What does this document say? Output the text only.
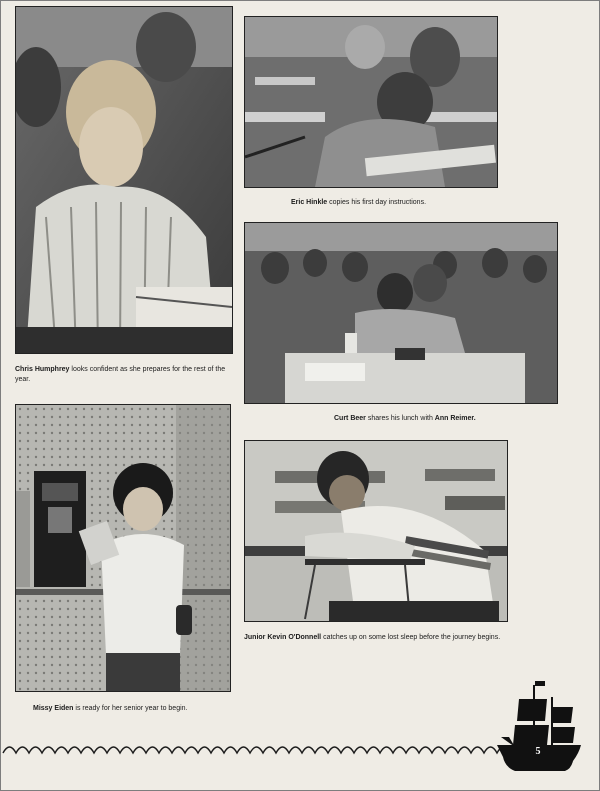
Chris Humphrey looks confident as she prepares for the rest of the year.
Eric Hinkle copies his first day instructions.
Curt Beer shares his lunch with Ann Reimer.
Missy Eiden is ready for her senior year to begin.
Junior Kevin O'Donnell catches up on some lost sleep before the journey begins.
5
